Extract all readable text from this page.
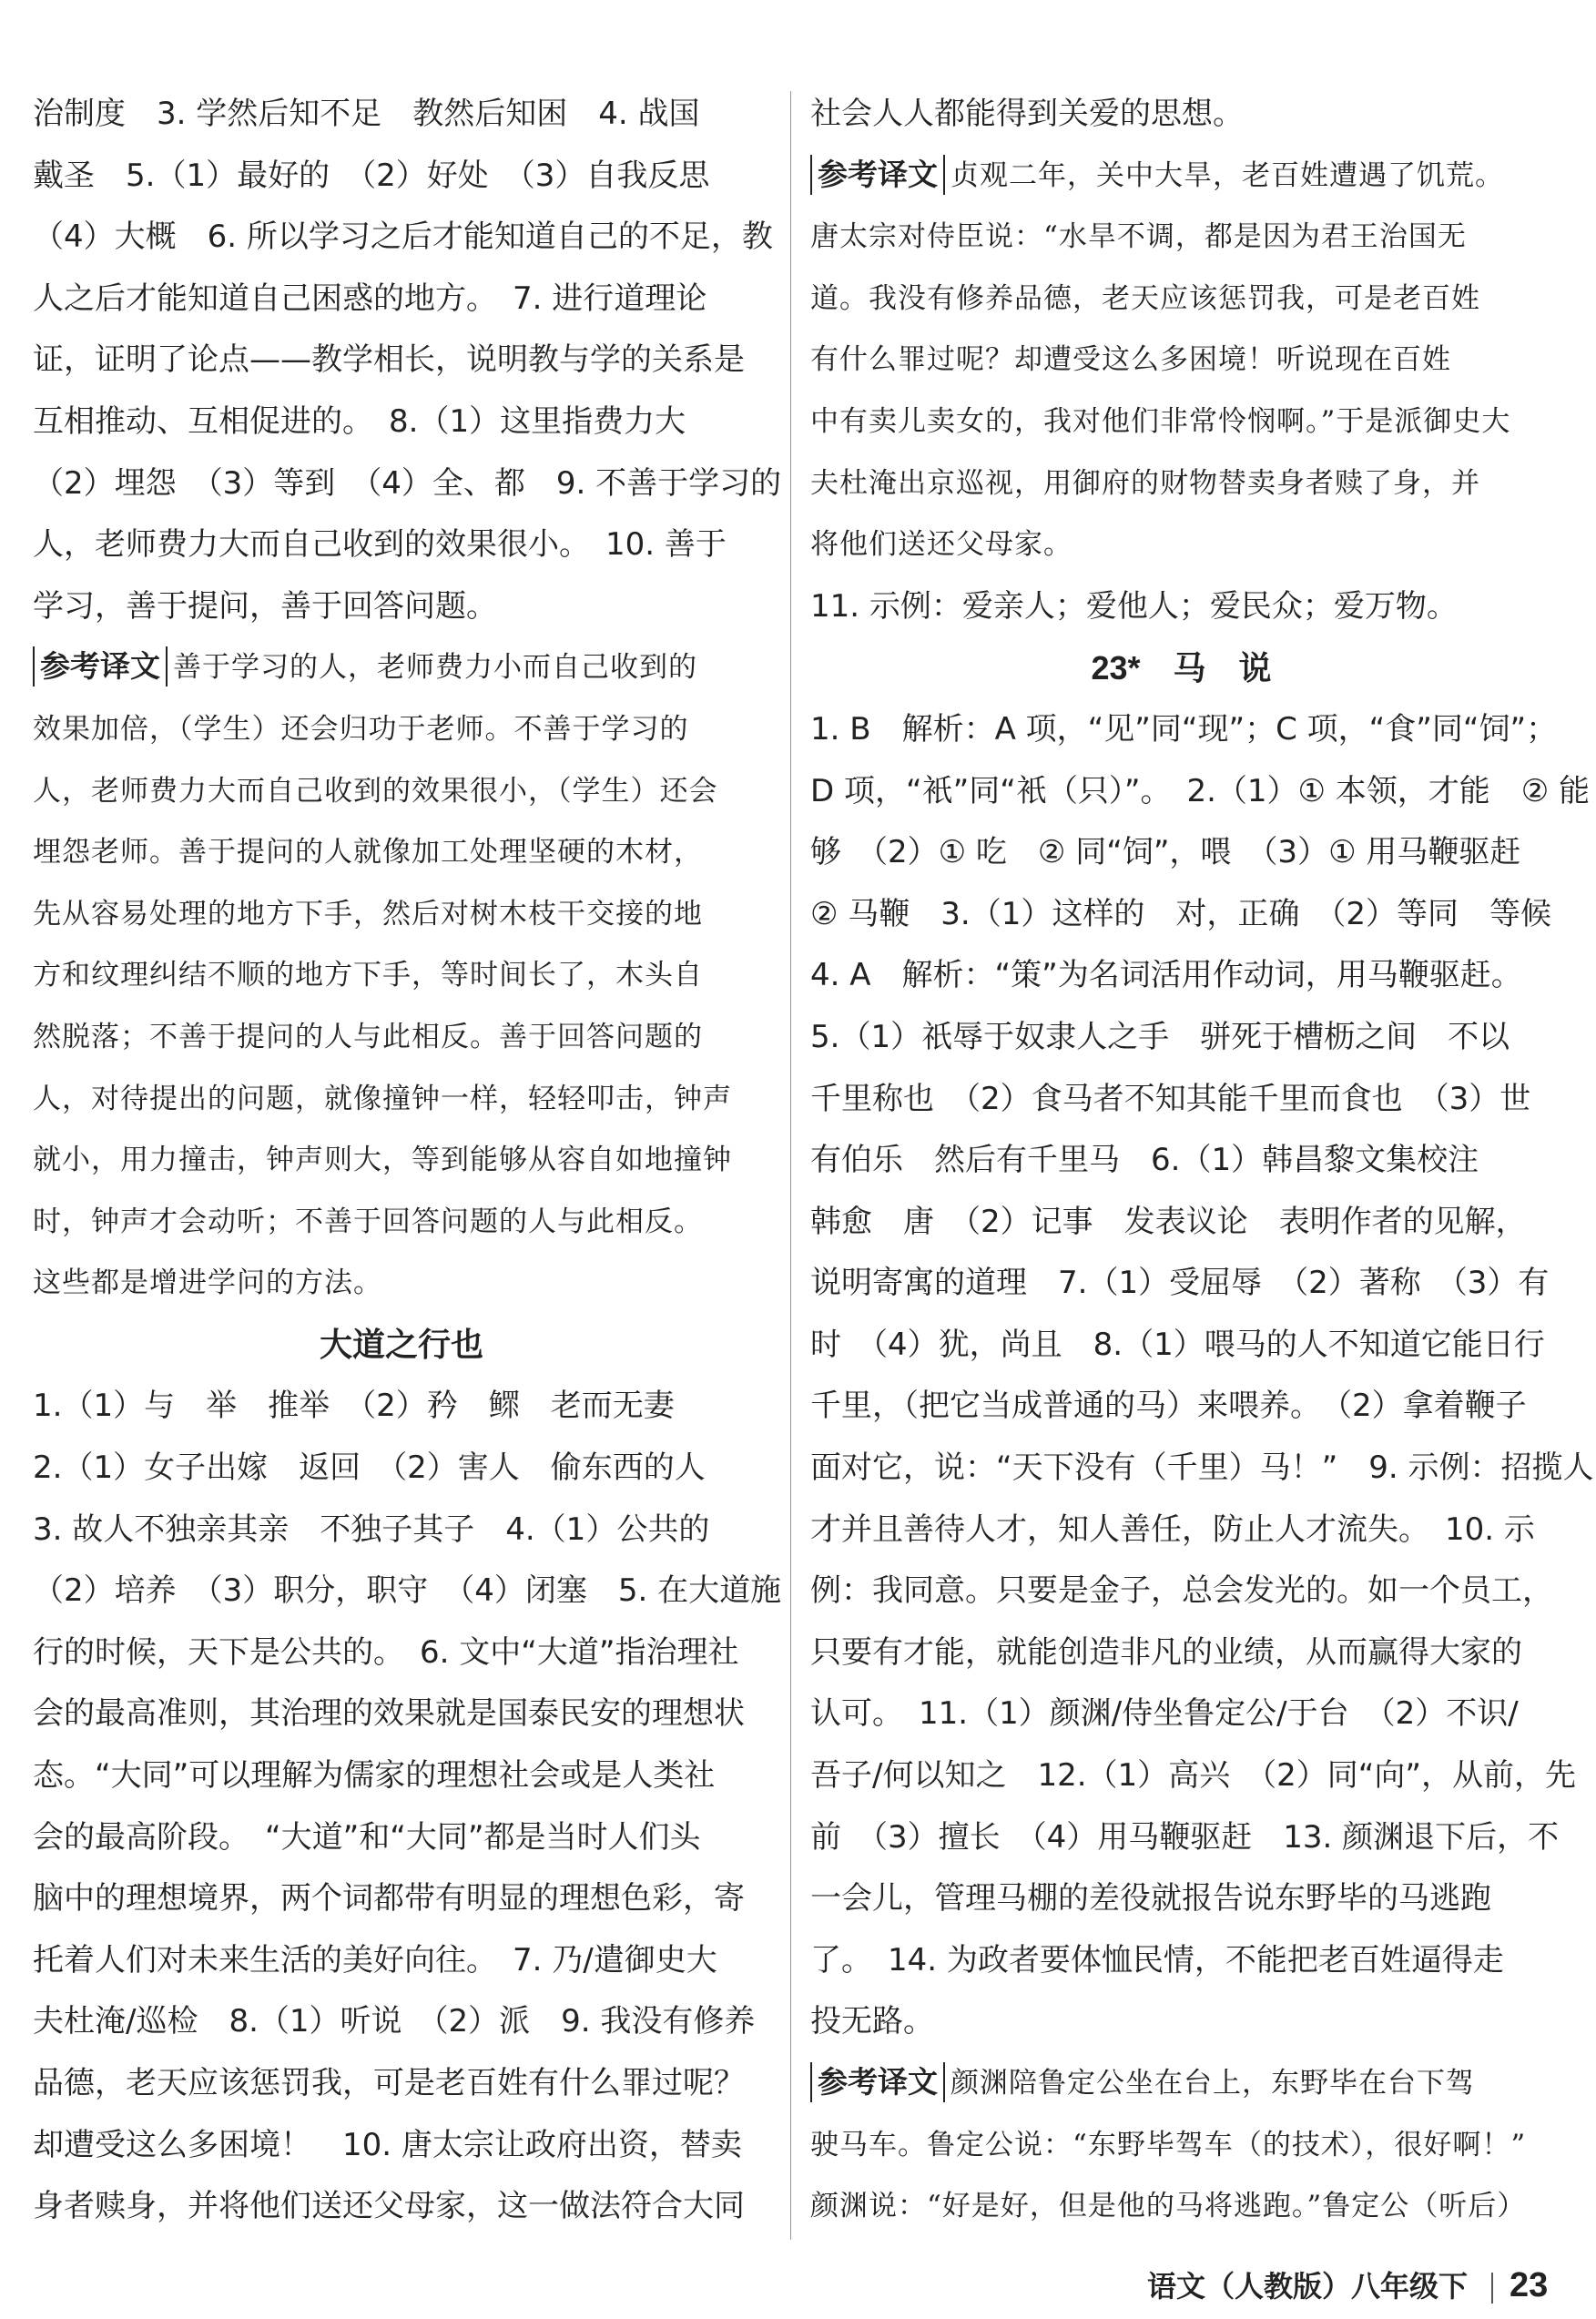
治制度　3. 学然后知不足　教然后知困　4. 战国
戴圣　5.（1）最好的　（2）好处　（3）自我反思
（4）大概　6. 所以学习之后才能知道自己的不足，教
人之后才能知道自己困惑的地方。　7. 进行道理论
证，证明了论点——教学相长，说明教与学的关系是
互相推动、互相促进的。　8.（1）这里指费力大
（2）埋怨　（3）等到　（4）全、都　9. 不善于学习的
人，老师费力大而自己收到的效果很小。　10. 善于
学习，善于提问，善于回答问题。
参考译文 善于学习的人，老师费力小而自己收到的
效果加倍，（学生）还会归功于老师。不善于学习的
人，老师费力大而自己收到的效果很小，（学生）还会
埋怨老师。善于提问的人就像加工处理坚硬的木材，
先从容易处理的地方下手，然后对树木枝干交接的地
方和纹理纠结不顺的地方下手，等时间长了，木头自
然脱落；不善于提问的人与此相反。善于回答问题的
人，对待提出的问题，就像撞钟一样，轻轻叩击，钟声
就小，用力撞击，钟声则大，等到能够从容自如地撞钟
时，钟声才会动听；不善于回答问题的人与此相反。
这些都是增进学问的方法。
大道之行也
1.（1）与　举　推举　（2）矜　鳏　老而无妻
2.（1）女子出嫁　返回　（2）害人　偷东西的人
3. 故人不独亲其亲　不独子其子　4.（1）公共的
（2）培养　（3）职分，职守　（4）闭塞　5. 在大道施
行的时候，天下是公共的。　6. 文中“大道”指治理社
会的最高准则，其治理的效果就是国泰民安的理想状
态。“大同”可以理解为儒家的理想社会或是人类社
会的最高阶段。　“大道”和“大同”都是当时人们头
脑中的理想境界，两个词都带有明显的理想色彩，寄
托着人们对未来生活的美好向往。　7. 乃/遣御史大
夫杜淹/巡检　8.（1）听说　（2）派　9. 我没有修养
品德，老天应该惩罚我，可是老百姓有什么罪过呢？
却遭受这么多困境！　10. 唐太宗让政府出资，替卖
身者赎身，并将他们送还父母家，这一做法符合大同
社会人人都能得到关爱的思想。
参考译文 贞观二年，关中大旱，老百姓遭遇了饥荒。
唐太宗对侍臣说：“水旱不调，都是因为君王治国无
道。我没有修养品德，老天应该惩罚我，可是老百姓
有什么罪过呢？却遭受这么多困境！听说现在百姓
中有卖儿卖女的，我对他们非常怜悯啊。”于是派御史大
夫杜淹出京巡视，用御府的财物替卖身者赎了身，并
将他们送还父母家。
11. 示例：爱亲人；爱他人；爱民众；爱万物。
23*　 马　说
1. B　解析：A 项，“见”同“现”；C 项，“食”同“饲”；
D 项，“衹”同“衹（只）”。　2.（1）① 本领，才能　② 能
够　（2）① 吃　② 同“饲”，喂　（3）① 用马鞭驱赶
② 马鞭　3.（1）这样的　对，正确　（2）等同　等候
4. A　解析：“策”为名词活用作动词，用马鞭驱赶。
5.（1）祇辱于奴隶人之手　骈死于槽枥之间　不以
千里称也　（2）食马者不知其能千里而食也　（3）世
有伯乐　然后有千里马　6.（1）韩昌黎文集校注
韩愈　唐　（2）记事　发表议论　表明作者的见解，
说明寄寓的道理　7.（1）受屈辱　（2）著称　（3）有
时　（4）犹，尚且　8.（1）喂马的人不知道它能日行
千里，（把它当成普通的马）来喂养。　（2）拿着鞭子
面对它，说：“天下没有（千里）马！”　9. 示例：招揽人
才并且善待人才，知人善任，防止人才流失。　10. 示
例：我同意。只要是金子，总会发光的。如一个员工，
只要有才能，就能创造非凡的业绩，从而赢得大家的
认可。　11.（1）颜渊/侍坐鲁定公/于台　（2）不识/
吾子/何以知之　12.（1）高兴　（2）同“向”，从前，先
前　（3）擅长　（4）用马鞭驱赶　13. 颜渊退下后，不
一会儿，管理马棚的差役就报告说东野毕的马逃跑
了。　14. 为政者要体恤民情，不能把老百姓逼得走
投无路。
参考译文 颜渊陪鲁定公坐在台上，东野毕在台下驾
驶马车。鲁定公说：“东野毕驾车（的技术），很好啊！”
颜渊说：“好是好，但是他的马将逃跑。”鲁定公（听后）
语文（人教版）八年级下 23
